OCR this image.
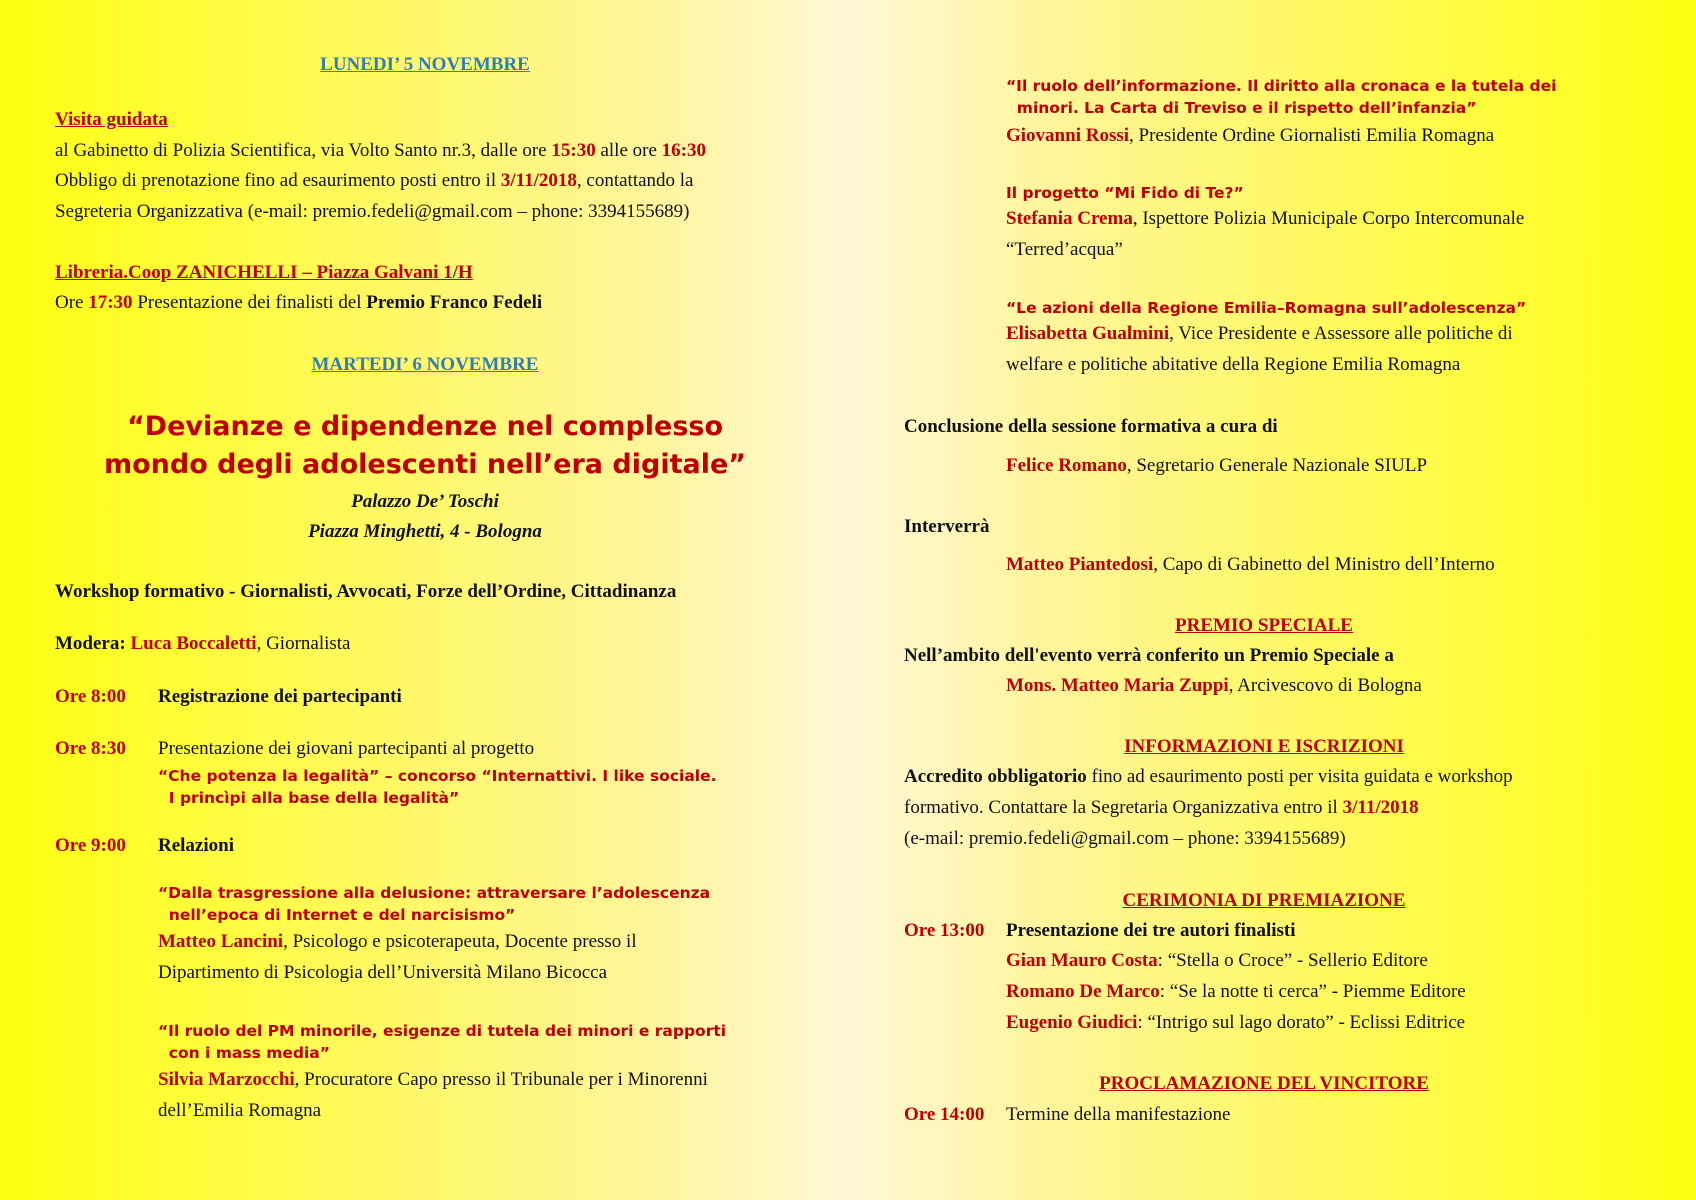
LUNEDI’ 5 NOVEMBRE
Visita guidata
al Gabinetto di Polizia Scientifica, via Volto Santo nr.3, dalle ore 15:30 alle ore 16:30
Obbligo di prenotazione fino ad esaurimento posti entro il 3/11/2018, contattando la
Segreteria Organizzativa (e-mail: premio.fedeli@gmail.com – phone: 3394155689)
Libreria.Coop ZANICHELLI – Piazza Galvani 1/H
Ore 17:30 Presentazione dei finalisti del Premio Franco Fedeli
MARTEDI’ 6 NOVEMBRE
“Devianze e dipendenze nel complesso
mondo degli adolescenti nell’era digitale”
Palazzo De’ Toschi
Piazza Minghetti, 4 - Bologna
Workshop formativo - Giornalisti, Avvocati, Forze dell’Ordine, Cittadinanza
Modera: Luca Boccaletti, Giornalista
Ore 8:00 Registrazione dei partecipanti
Ore 8:30 Presentazione dei giovani partecipanti al progetto
“Che potenza la legalità” – concorso “Internattivi. I like sociale.
I princìpi alla base della legalità”
Ore 9:00 Relazioni
“Dalla trasgressione alla delusione: attraversare l’adolescenza
nell’epoca di Internet e del narcisismo”
Matteo Lancini, Psicologo e psicoterapeuta, Docente presso il
Dipartimento di Psicologia dell’Università Milano Bicocca
“Il ruolo del PM minorile, esigenze di tutela dei minori e rapporti
con i mass media”
Silvia Marzocchi, Procuratore Capo presso il Tribunale per i Minorenni
dell’Emilia Romagna
“Il ruolo dell’informazione. Il diritto alla cronaca e la tutela dei
minori. La Carta di Treviso e il rispetto dell’infanzia”
Giovanni Rossi, Presidente Ordine Giornalisti Emilia Romagna
Il progetto “Mi Fido di Te?”
Stefania Crema, Ispettore Polizia Municipale Corpo Intercomunale
“Terred’acqua”
“Le azioni della Regione Emilia–Romagna sull’adolescenza”
Elisabetta Gualmini, Vice Presidente e Assessore alle politiche di
welfare e politiche abitative della Regione Emilia Romagna
Conclusione della sessione formativa a cura di
Felice Romano, Segretario Generale Nazionale SIULP
Interverrà
Matteo Piantedosi, Capo di Gabinetto del Ministro dell’Interno
PREMIO SPECIALE
Nell’ambito dell'evento verrà conferito un Premio Speciale a
Mons. Matteo Maria Zuppi, Arcivescovo di Bologna
INFORMAZIONI E ISCRIZIONI
Accredito obbligatorio fino ad esaurimento posti per visita guidata e workshop
formativo. Contattare la Segretaria Organizzativa entro il 3/11/2018
(e-mail: premio.fedeli@gmail.com – phone: 3394155689)
CERIMONIA DI PREMIAZIONE
Ore 13:00 Presentazione dei tre autori finalisti
Gian Mauro Costa: “Stella o Croce” - Sellerio Editore
Romano De Marco: “Se la notte ti cerca” - Piemme Editore
Eugenio Giudici: “Intrigo sul lago dorato” - Eclissi Editrice
PROCLAMAZIONE DEL VINCITORE
Ore 14:00 Termine della manifestazione
